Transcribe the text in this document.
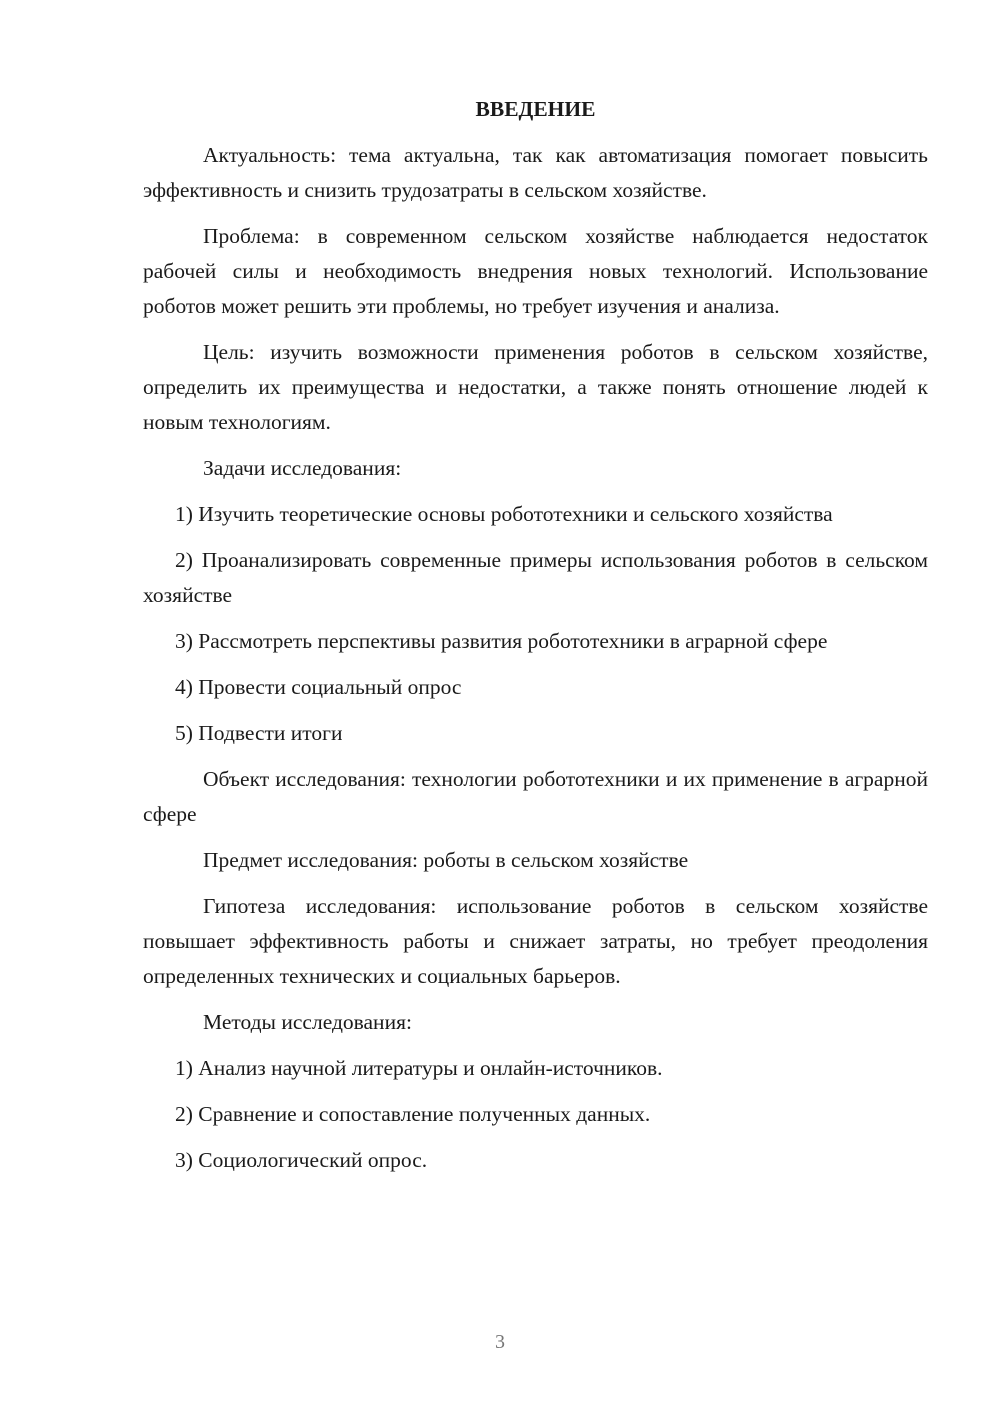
ВВЕДЕНИЕ

Актуальность: тема актуальна, так как автоматизация помогает повысить эффективность и снизить трудозатраты в сельском хозяйстве.

Проблема: в современном сельском хозяйстве наблюдается недостаток рабочей силы и необходимость внедрения новых технологий. Использование роботов может решить эти проблемы, но требует изучения и анализа.

Цель: изучить возможности применения роботов в сельском хозяйстве, определить их преимущества и недостатки, а также понять отношение людей к новым технологиям.

Задачи исследования:

1) Изучить теоретические основы робототехники и сельского хозяйства

2) Проанализировать современные примеры использования роботов в сельском хозяйстве

3) Рассмотреть перспективы развития робототехники в аграрной сфере

4) Провести социальный опрос

5) Подвести итоги

Объект исследования: технологии робототехники и их применение в аграрной сфере

Предмет исследования: роботы в сельском хозяйстве

Гипотеза исследования: использование роботов в сельском хозяйстве повышает эффективность работы и снижает затраты, но требует преодоления определенных технических и социальных барьеров.

Методы исследования:

1) Анализ научной литературы и онлайн-источников.

2) Сравнение и сопоставление полученных данных.

3) Социологический опрос.

3
